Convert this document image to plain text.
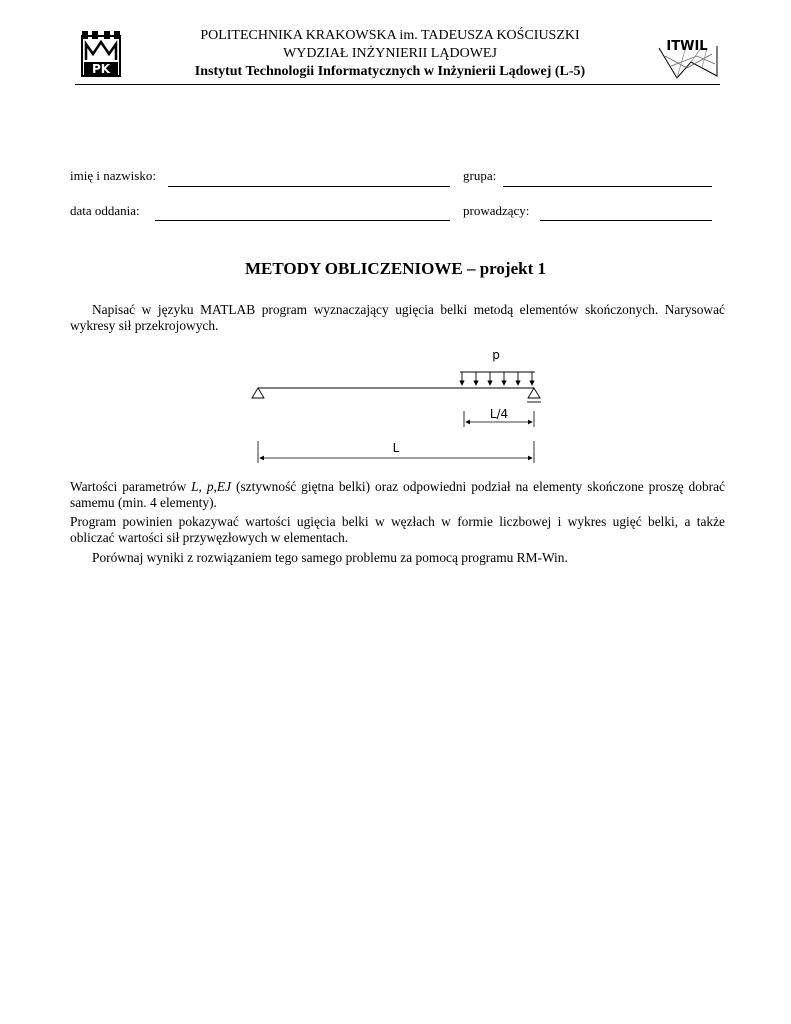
PK
ITWIL
POLITECHNIKA KRAKOWSKA im. TADEUSZA KOŚCIUSZKI
WYDZIAŁ INŻYNIERII LĄDOWEJ
Instytut Technologii Informatycznych w Inżynierii Lądowej (L-5)
imię i nazwisko:	grupa:
data oddania:	prowadzący:
METODY OBLICZENIOWE – projekt 1
Napisać w języku MATLAB program wyznaczający ugięcia belki metodą elementów skończonych. Narysować wykresy sił przekrojowych.
p
L/4
L
Wartości parametrów L, p,EJ (sztywność giętna belki) oraz odpowiedni podział na elementy skończone proszę dobrać samemu (min. 4 elementy).
Program powinien pokazywać wartości ugięcia belki w węzłach w formie liczbowej i wykres ugięć belki, a także obliczać wartości sił przywęzłowych w elementach.
Porównaj wyniki z rozwiązaniem tego samego problemu za pomocą programu RM-Win.
